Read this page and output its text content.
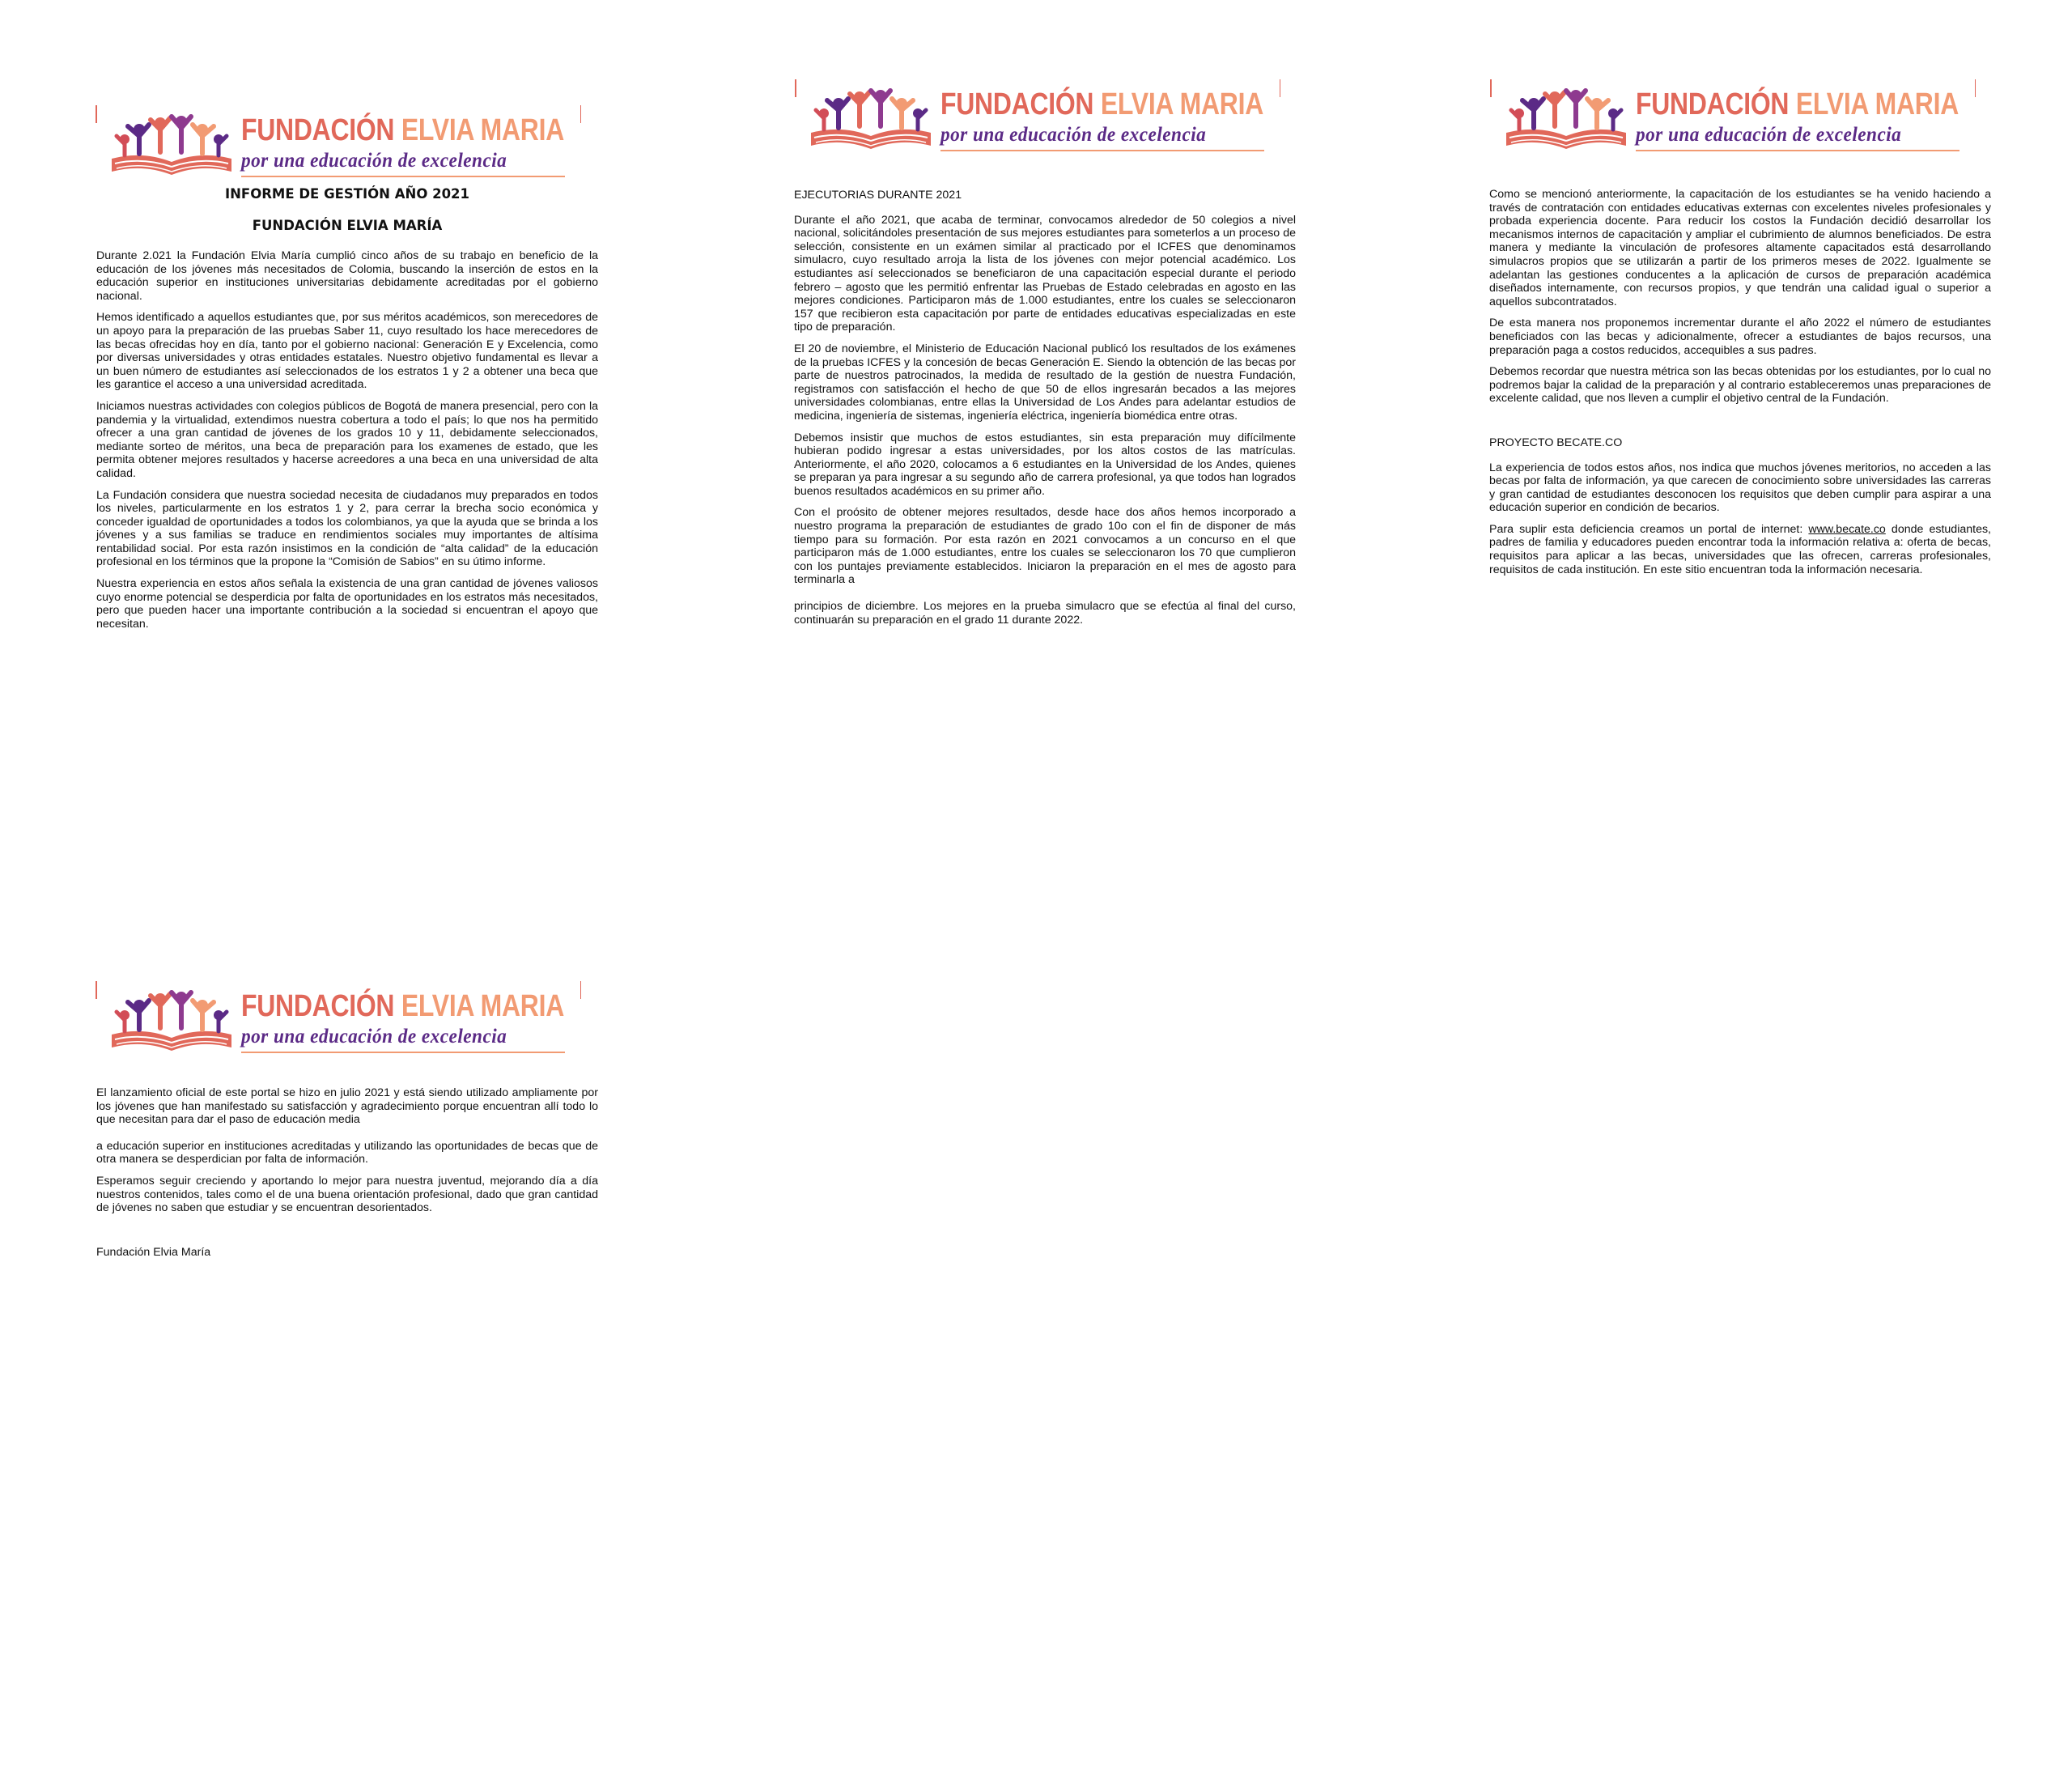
FUNDACIÓN ELVIA MARIA
por una educación de excelencia
INFORME DE GESTIÓN AÑO 2021
FUNDACIÓN ELVIA MARÍA

Durante 2.021 la Fundación Elvia María cumplió cinco años de su trabajo en beneficio de la educación de los jóvenes más necesitados de Colomia, buscando la inserción de estos en la educación superior en instituciones universitarias debidamente acreditadas por el gobierno nacional.

Hemos identificado a aquellos estudiantes que, por sus méritos académicos, son merecedores de un apoyo para la preparación de las pruebas Saber 11, cuyo resultado los hace merecedores de las becas ofrecidas hoy en día, tanto por el gobierno nacional: Generación E y Excelencia, como por diversas universidades y otras entidades estatales. Nuestro objetivo fundamental es llevar a un buen número de estudiantes así seleccionados de los estratos 1 y 2 a obtener una beca que les garantice el acceso a una universidad acreditada.

Iniciamos nuestras actividades con colegios públicos de Bogotá de manera presencial, pero con la pandemia y la virtualidad, extendimos nuestra cobertura a todo el país; lo que nos ha permitido ofrecer a una gran cantidad de jóvenes de los grados 10 y 11, debidamente seleccionados, mediante sorteo de méritos, una beca de preparación para los examenes de estado, que les permita obtener mejores resultados y hacerse acreedores a una beca en una universidad de alta calidad.

La Fundación considera que nuestra sociedad necesita de ciudadanos muy preparados en todos los niveles, particularmente en los estratos 1 y 2, para cerrar la brecha socio económica y conceder igualdad de oportunidades a todos los colombianos, ya que la ayuda que se brinda a los jóvenes y a sus familias se traduce en rendimientos sociales muy importantes de altísima rentabilidad social. Por esta razón insistimos en la condición de “alta calidad” de la educación profesional en los términos que la propone la “Comisión de Sabios” en su útimo informe.

Nuestra experiencia en estos años señala la existencia de una gran cantidad de jóvenes valiosos cuyo enorme potencial se desperdicia por falta de oportunidades en los estratos más necesitados, pero que pueden hacer una importante contribución a la sociedad si encuentran el apoyo que necesitan.

FUNDACIÓN ELVIA MARIA
por una educación de excelencia

EJECUTORIAS DURANTE 2021

Durante el año 2021, que acaba de terminar, convocamos alrededor de 50 colegios a nivel nacional, solicitándoles presentación de sus mejores estudiantes para someterlos a un proceso de selección, consistente en un exámen similar al practicado por el ICFES que denominamos simulacro, cuyo resultado arroja la lista de los jóvenes con mejor potencial académico. Los estudiantes así seleccionados se beneficiaron de una capacitación especial durante el periodo febrero – agosto que les permitió enfrentar las Pruebas de Estado celebradas en agosto en las mejores condiciones. Participaron más de 1.000 estudiantes, entre los cuales se seleccionaron 157 que recibieron esta capacitación por parte de entidades educativas especializadas en este tipo de preparación.

El 20 de noviembre, el Ministerio de Educación Nacional publicó los resultados de los exámenes de la pruebas ICFES y la concesión de becas Generación E. Siendo la obtención de las becas por parte de nuestros patrocinados, la medida de resultado de la gestión de nuestra Fundación, registramos con satisfacción el hecho de que 50 de ellos ingresarán becados a las mejores universidades colombianas, entre ellas la Universidad de Los Andes para adelantar estudios de medicina, ingeniería de sistemas, ingeniería eléctrica, ingeniería biomédica entre otras.

Debemos insistir que muchos de estos estudiantes, sin esta preparación muy difícilmente hubieran podido ingresar a estas universidades, por los altos costos de las matrículas. Anteriormente, el año 2020, colocamos a 6 estudiantes en la Universidad de los Andes, quienes se preparan ya para ingresar a su segundo año de carrera profesional, ya que todos han logrados buenos resultados académicos en su primer año.

Con el proósito de obtener mejores resultados, desde hace dos años hemos incorporado a nuestro programa la preparación de estudiantes de grado 10o con el fin de disponer de más tiempo para su formación. Por esta razón en 2021 convocamos a un concurso en el que participaron más de 1.000 estudiantes, entre los cuales se seleccionaron los 70 que cumplieron con los puntajes previamente establecidos. Iniciaron la preparación en el mes de agosto para terminarla a

principios de diciembre. Los mejores en la prueba simulacro que se efectúa al final del curso, continuarán su preparación en el grado 11 durante 2022.

FUNDACIÓN ELVIA MARIA
por una educación de excelencia

Como se mencionó anteriormente, la capacitación de los estudiantes se ha venido haciendo a través de contratación con entidades educativas externas con excelentes niveles profesionales y probada experiencia docente. Para reducir los costos la Fundación decidió desarrollar los mecanismos internos de capacitación y ampliar el cubrimiento de alumnos beneficiados. De estra manera y mediante la vinculación de profesores altamente capacitados está desarrollando simulacros propios que se utilizarán a partir de los primeros meses de 2022. Igualmente se adelantan las gestiones conducentes a la aplicación de cursos de preparación académica diseñados internamente, con recursos propios, y que tendrán una calidad igual o superior a aquellos subcontratados.

De esta manera nos proponemos incrementar durante el año 2022 el número de estudiantes beneficiados con las becas y adicionalmente, ofrecer a estudiantes de bajos recursos, una preparación paga a costos reducidos, accequibles a sus padres.

Debemos recordar que nuestra métrica son las becas obtenidas por los estudiantes, por lo cual no podremos bajar la calidad de la preparación y al contrario estableceremos unas preparaciones de excelente calidad, que nos lleven a cumplir el objetivo central de la Fundación.

PROYECTO BECATE.CO

La experiencia de todos estos años, nos indica que muchos jóvenes meritorios, no acceden a las becas por falta de información, ya que carecen de conocimiento sobre universidades las carreras y gran cantidad de estudiantes desconocen los requisitos que deben cumplir para aspirar a una educación superior en condición de becarios.

Para suplir esta deficiencia creamos un portal de internet: www.becate.co donde estudiantes, padres de familia y educadores pueden encontrar toda la información relativa a: oferta de becas, requisitos para aplicar a las becas, universidades que las ofrecen, carreras profesionales, requisitos de cada institución. En este sitio encuentran toda la información necesaria.

FUNDACIÓN ELVIA MARIA
por una educación de excelencia

El lanzamiento oficial de este portal se hizo en julio 2021 y está siendo utilizado ampliamente por los jóvenes que han manifestado su satisfacción y agradecimiento porque encuentran allí todo lo que necesitan para dar el paso de educación media

a educación superior en instituciones acreditadas y utilizando las oportunidades de becas que de otra manera se desperdician por falta de información.

Esperamos seguir creciendo y aportando lo mejor para nuestra juventud, mejorando día a día nuestros contenidos, tales como el de una buena orientación profesional, dado que gran cantidad de jóvenes no saben que estudiar y se encuentran desorientados.

Fundación Elvia María
